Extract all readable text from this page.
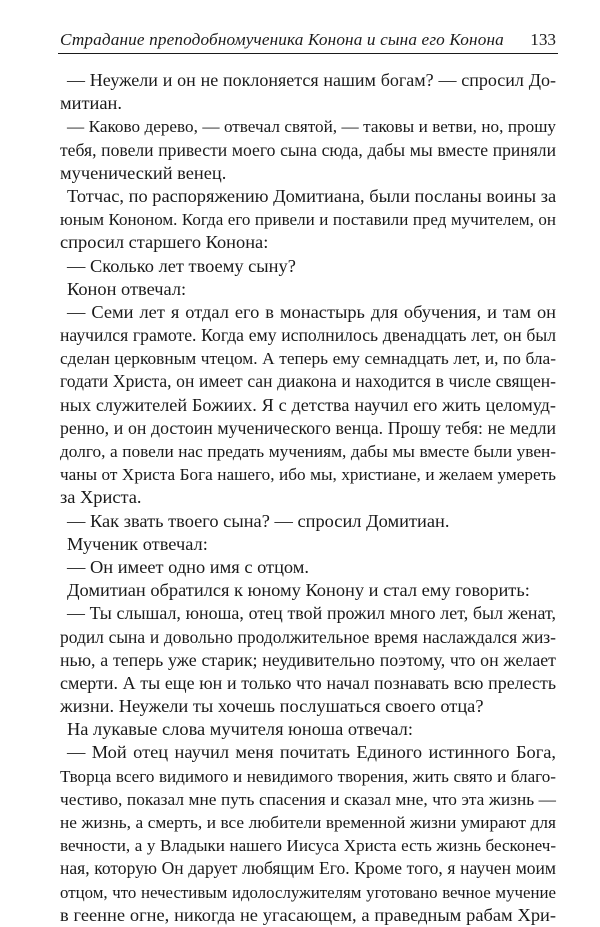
Страдание преподобномученика Конона и сына его Конона 133
— Неужели и он не поклоняется нашим богам? — спросил До-
митиан.
— Каково дерево, — отвечал святой, — таковы и ветви, но, прошу
тебя, повели привести моего сына сюда, дабы мы вместе приняли
мученический венец.
Тотчас, по распоряжению Домитиана, были посланы воины за
юным Кононом. Когда его привели и поставили пред мучителем, он
спросил старшего Конона:
— Сколько лет твоему сыну?
Конон отвечал:
— Семи лет я отдал его в монастырь для обучения, и там он
научился грамоте. Когда ему исполнилось двенадцать лет, он был
сделан церковным чтецом. А теперь ему семнадцать лет, и, по бла-
годати Христа, он имеет сан диакона и находится в числе священ-
ных служителей Божиих. Я с детства научил его жить целомуд-
ренно, и он достоин мученического венца. Прошу тебя: не медли
долго, а повели нас предать мучениям, дабы мы вместе были увен-
чаны от Христа Бога нашего, ибо мы, христиане, и желаем умереть
за Христа.
— Как звать твоего сына? — спросил Домитиан.
Мученик отвечал:
— Он имеет одно имя с отцом.
Домитиан обратился к юному Конону и стал ему говорить:
— Ты слышал, юноша, отец твой прожил много лет, был женат,
родил сына и довольно продолжительное время наслаждался жиз-
нью, а теперь уже старик; неудивительно поэтому, что он желает
смерти. А ты еще юн и только что начал познавать всю прелесть
жизни. Неужели ты хочешь послушаться своего отца?
На лукавые слова мучителя юноша отвечал:
— Мой отец научил меня почитать Единого истинного Бога,
Творца всего видимого и невидимого творения, жить свято и благо-
честиво, показал мне путь спасения и сказал мне, что эта жизнь —
не жизнь, а смерть, и все любители временной жизни умирают для
вечности, а у Владыки нашего Иисуса Христа есть жизнь бесконеч-
ная, которую Он дарует любящим Его. Кроме того, я научен моим
отцом, что нечестивым идолослужителям уготовано вечное мучение
в геенне огне, никогда не угасающем, а праведным рабам Хри-
